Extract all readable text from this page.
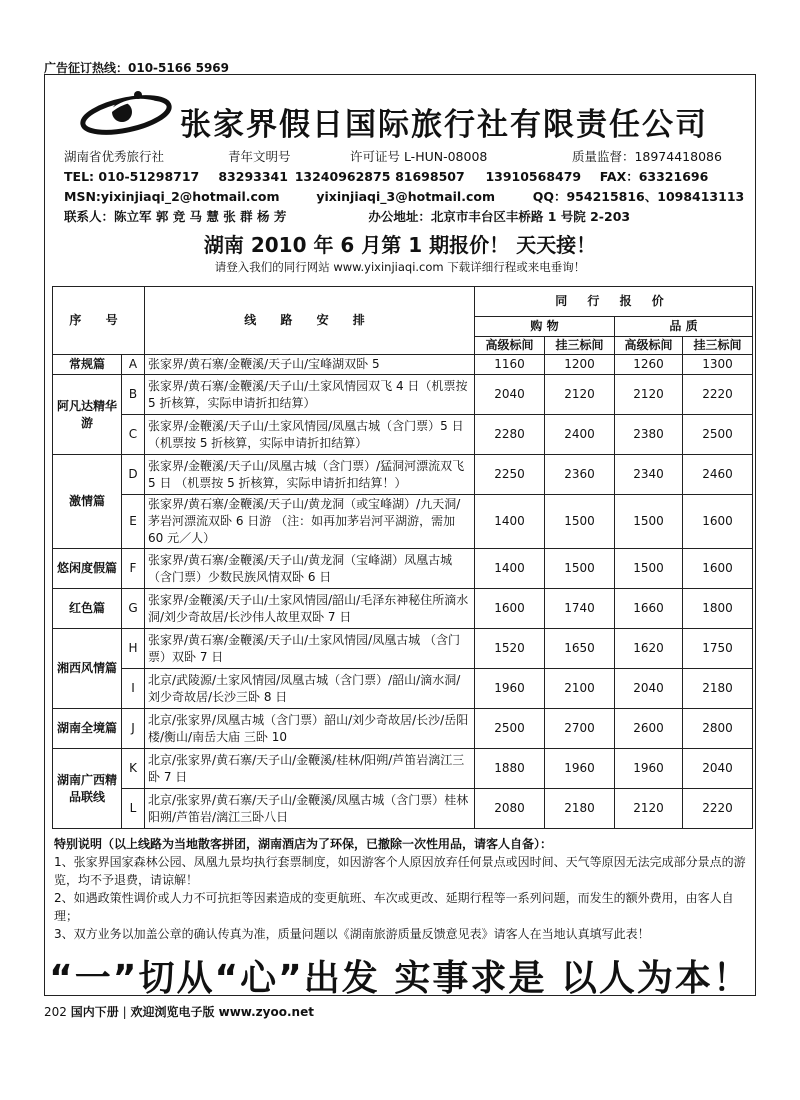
广告征订热线：010-5166 5969
张家界假日国际旅行社有限责任公司
湖南省优秀旅行社	青年文明号	许可证号 L-HUN-08008	质量监督：18974418086
TEL: 010-51298717 83293341 13240962875 81698507 13910568479 FAX：63321696
MSN:yixinjiaqi_2@hotmail.com	yixinjiaqi_3@hotmail.com	QQ：954215816、1098413113
联系人：陈立军 郭 竞 马 慧 张 群 杨 芳	办公地址：北京市丰台区丰桥路 1 号院 2-203
湖南 2010 年 6 月第 1 期报价！ 天天接！
请登入我们的同行网站 www.yixinjiaqi.com 下载详细行程或来电垂询！
序 号		线 路 安 排	同 行 报 价			
			购 物		品 质	
			高级标间	挂三标间	高级标间	挂三标间
常规篇	A	张家界/黄石寨/金鞭溪/天子山/宝峰湖双卧 5	1160	1200	1260	1300
阿凡达精华游	B	张家界/黄石寨/金鞭溪/天子山/土家风情园双飞 4 日（机票按 5 折核算，实际申请折扣结算）	2040	2120	2120	2220
	C	张家界/金鞭溪/天子山/土家风情园/凤凰古城（含门票）5 日（机票按 5 折核算，实际申请折扣结算）	2280	2400	2380	2500
激情篇	D	张家界/金鞭溪/天子山/凤凰古城（含门票）/猛洞河漂流双飞 5 日 （机票按 5 折核算，实际申请折扣结算！）	2250	2360	2340	2460
	E	张家界/黄石寨/金鞭溪/天子山/黄龙洞（或宝峰湖）/九天洞/茅岩河漂流双卧 6 日游 （注：如再加茅岩河平湖游，需加 60 元／人）	1400	1500	1500	1600
悠闲度假篇	F	张家界/黄石寨/金鞭溪/天子山/黄龙洞（宝峰湖）凤凰古城 （含门票）少数民族风情双卧 6 日	1400	1500	1500	1600
红色篇	G	张家界/金鞭溪/天子山/土家风情园/韶山/毛泽东神秘住所滴水洞/刘少奇故居/长沙伟人故里双卧 7 日	1600	1740	1660	1800
湘西风情篇	H	张家界/黄石寨/金鞭溪/天子山/土家风情园/凤凰古城 （含门票）双卧 7 日	1520	1650	1620	1750
	I	北京/武陵源/土家风情园/凤凰古城（含门票）/韶山/滴水洞/刘少奇故居/长沙三卧 8 日	1960	2100	2040	2180
湖南全境篇	J	北京/张家界/凤凰古城（含门票）韶山/刘少奇故居/长沙/岳阳楼/衡山/南岳大庙 三卧 10	2500	2700	2600	2800
湖南广西精品联线	K	北京/张家界/黄石寨/天子山/金鞭溪/桂林/阳朔/芦笛岩漓江三卧 7 日	1880	1960	1960	2040
	L	北京/张家界/黄石寨/天子山/金鞭溪/凤凰古城（含门票）桂林阳朔/芦笛岩/漓江三卧八日	2080	2180	2120	2220

特别说明（以上线路为当地散客拼团，湖南酒店为了环保，已撤除一次性用品，请客人自备）：

1、张家界国家森林公园、凤凰九景均执行套票制度，如因游客个人原因放弃任何景点或因时间、天气等原因无法完成部分景点的游览，均不予退费，请谅解！

2、如遇政策性调价或人力不可抗拒等因素造成的变更航班、车次或更改、延期行程等一系列问题，而发生的额外费用，由客人自理；

3、双方业务以加盖公章的确认传真为准，质量问题以《湖南旅游质量反馈意见表》请客人在当地认真填写此表！

“一”切从“心”出发 实事求是 以人为本！
202 国内下册 | 欢迎浏览电子版 www.zyoo.net
